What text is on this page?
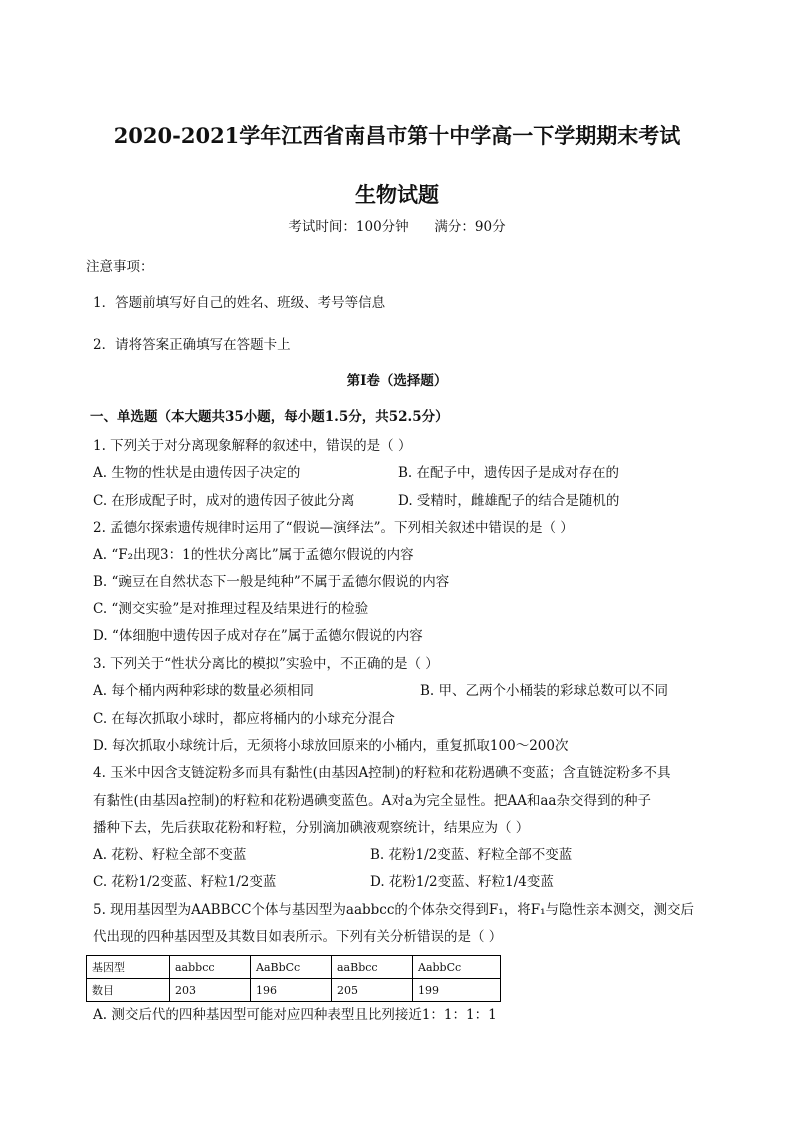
2020-2021学年江西省南昌市第十中学高一下学期期末考试
生物试题
考试时间：100分钟      满分：90分
注意事项：
1．答题前填写好自己的姓名、班级、考号等信息
2．请将答案正确填写在答题卡上
第I卷（选择题）
一、单选题（本大题共35小题，每小题1.5分，共52.5分）
1. 下列关于对分离现象解释的叙述中，错误的是（ ）
A. 生物的性状是由遗传因子决定的	B. 在配子中，遗传因子是成对存在的
C. 在形成配子时，成对的遗传因子彼此分离	D. 受精时，雌雄配子的结合是随机的
2. 孟德尔探索遗传规律时运用了“假说—演绎法”。下列相关叙述中错误的是（ ）
A. “F₂出现3：1的性状分离比”属于孟德尔假说的内容
B. “豌豆在自然状态下一般是纯种”不属于孟德尔假说的内容
C. “测交实验”是对推理过程及结果进行的检验
D. “体细胞中遗传因子成对存在”属于孟德尔假说的内容
3. 下列关于“性状分离比的模拟”实验中，不正确的是（ ）
A. 每个桶内两种彩球的数量必须相同	B. 甲、乙两个小桶装的彩球总数可以不同
C. 在每次抓取小球时，都应将桶内的小球充分混合
D. 每次抓取小球统计后，无须将小球放回原来的小桶内，重复抓取100～200次
4. 玉米中因含支链淀粉多而具有黏性(由基因A控制)的籽粒和花粉遇碘不变蓝；含直链淀粉多不具
有黏性(由基因a控制)的籽粒和花粉遇碘变蓝色。A对a为完全显性。把AA和aa杂交得到的种子
播种下去，先后获取花粉和籽粒，分别滴加碘液观察统计，结果应为（ ）
A. 花粉、籽粒全部不变蓝	B. 花粉1/2变蓝、籽粒全部不变蓝
C. 花粉1/2变蓝、籽粒1/2变蓝	D. 花粉1/2变蓝、籽粒1/4变蓝
5. 现用基因型为AABBCC个体与基因型为aabbcc的个体杂交得到F₁，将F₁与隐性亲本测交，测交后
代出现的四种基因型及其数目如表所示。下列有关分析错误的是（ ）
基因型	aabbcc	AaBbCc	aaBbcc	AabbCc
数目	203	196	205	199
A. 测交后代的四种基因型可能对应四种表型且比列接近1：1：1：1
